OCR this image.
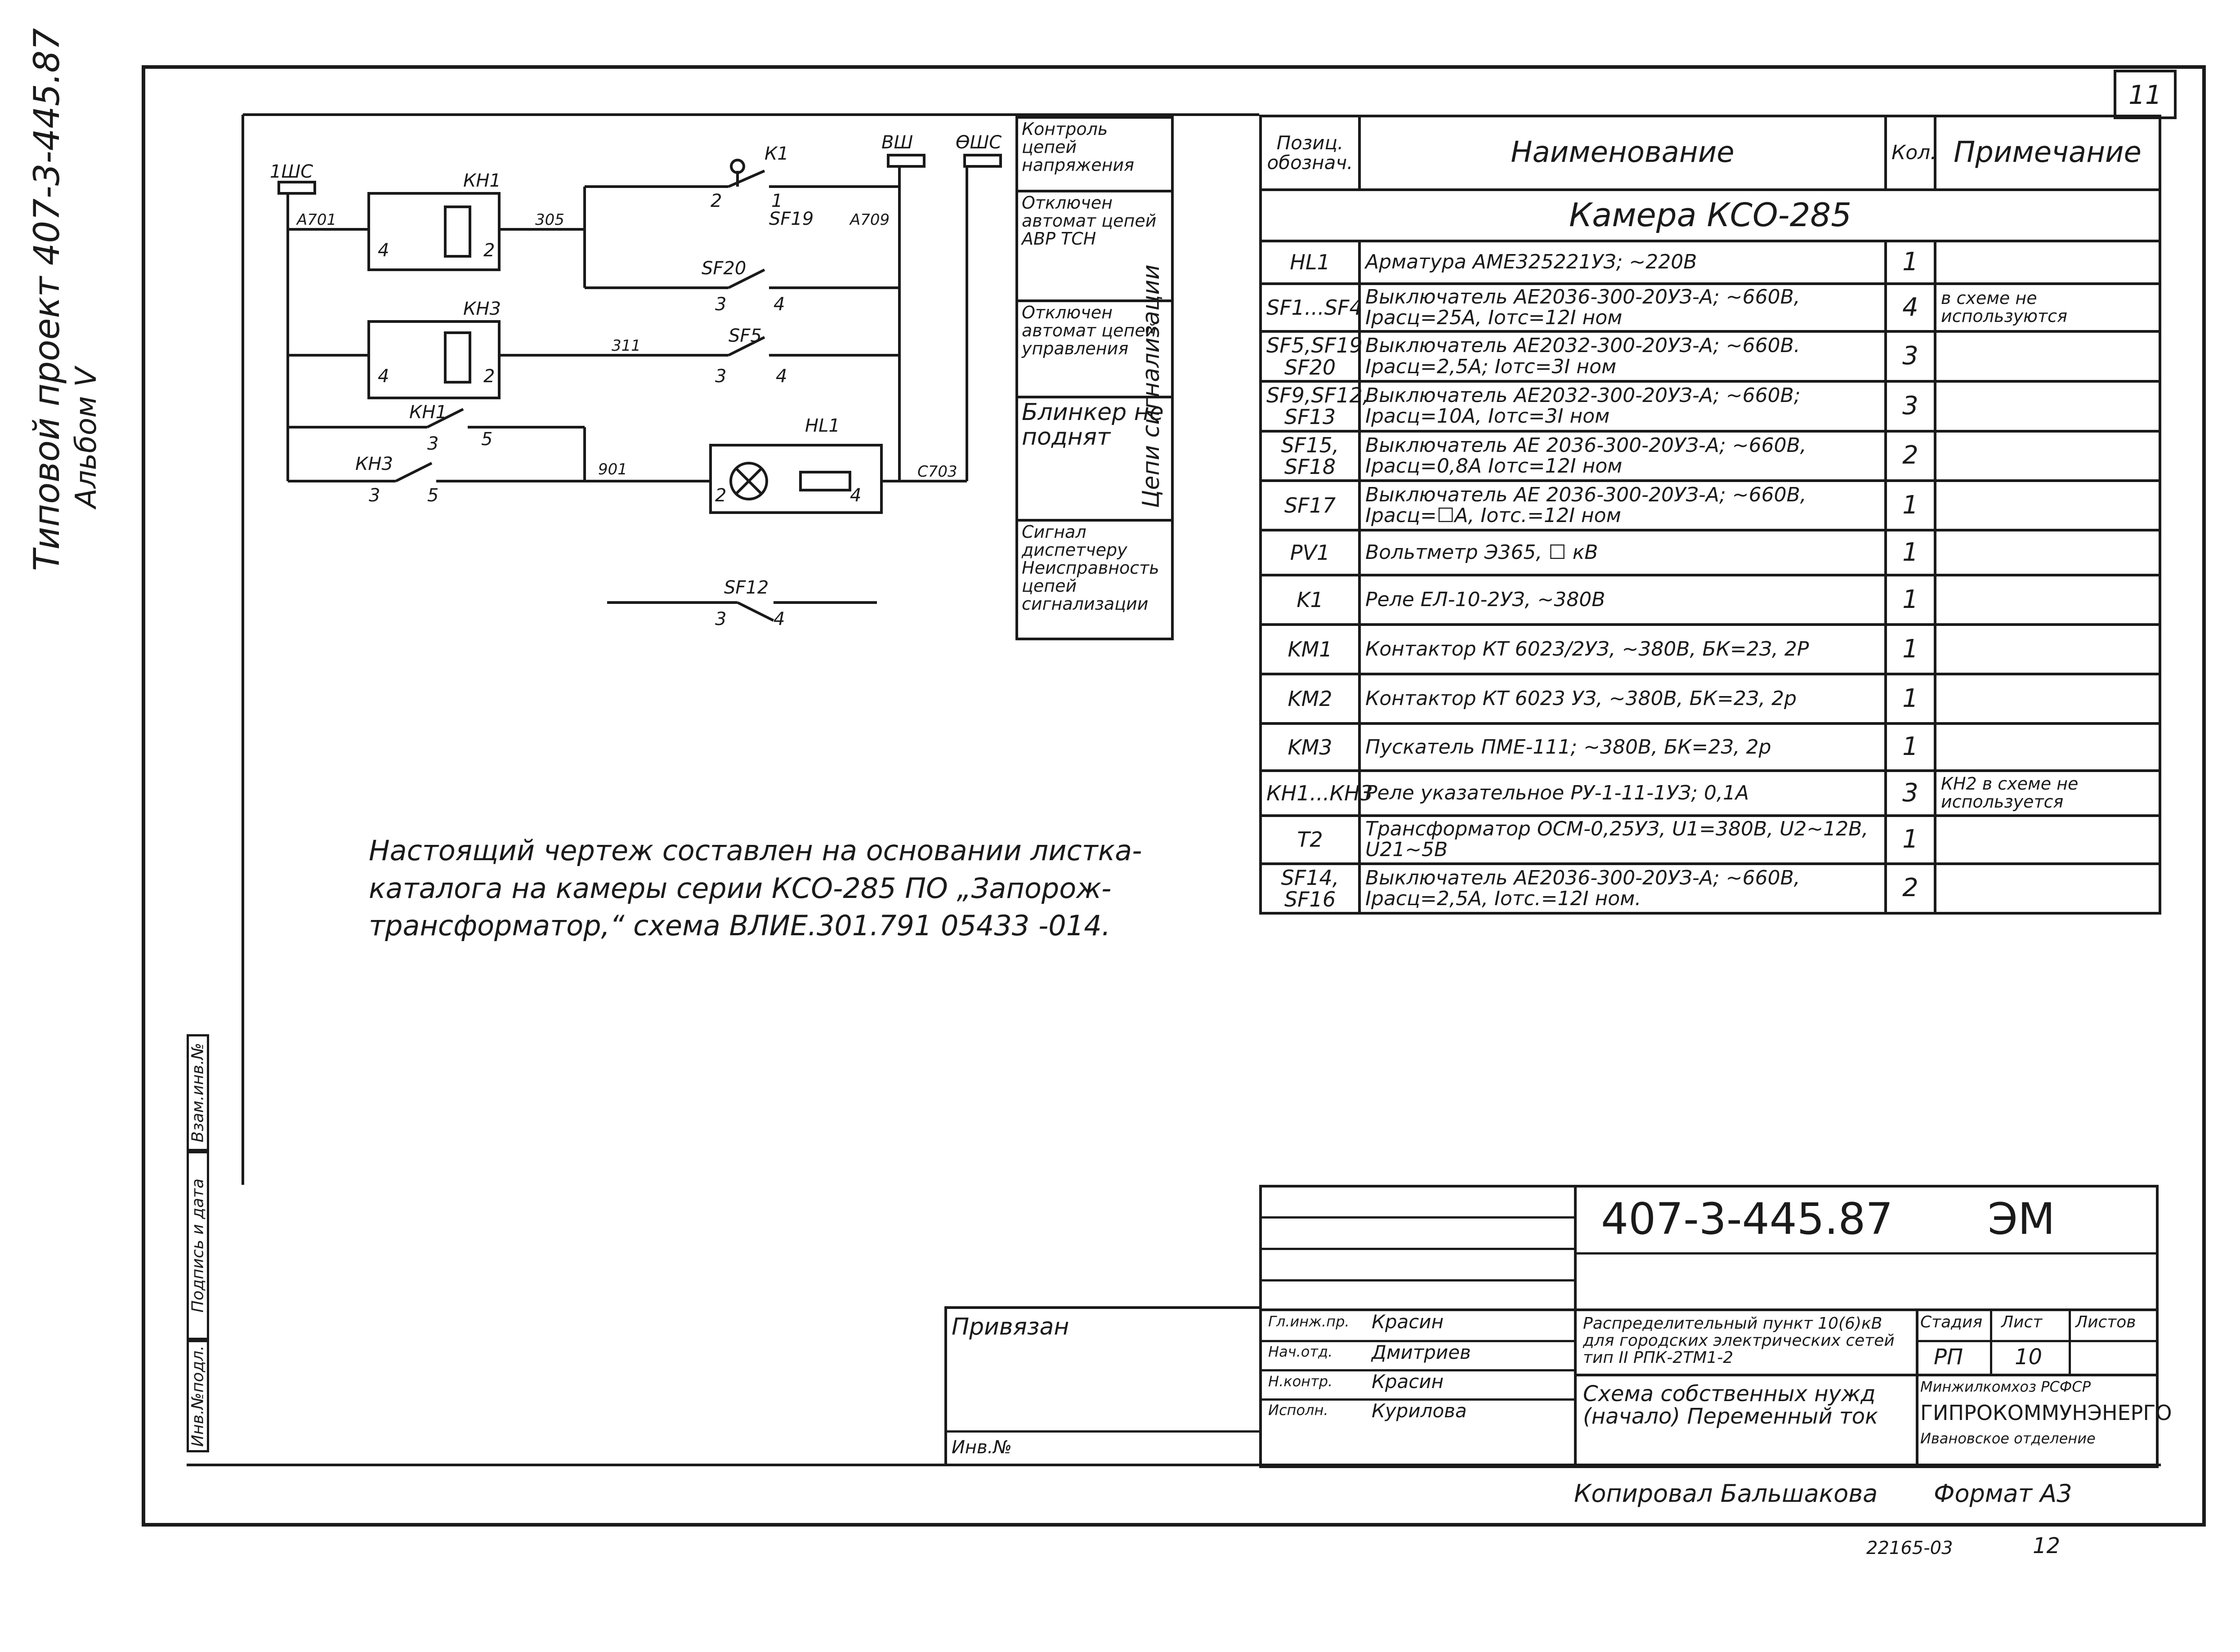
11
Типовой проект 407-3-445.87 Альбом V
Взам.инв.№
Подпись и дата
Инв.№подл.
1ШС
ВШ ӨШС
КН1
КН3
К1
SF19
SF20
SF5
HL1
SF12
КН1
КН3
А701	305	А709
311
901	С703
4	2
4	2
2	1
3	4
3	4
3 5
3	5	2	4
3	4
Контроль цепей напряжения
Отключен автомат цепей АВР ТСН
Отключен автомат цепей управления
Блинкер не поднят
Сигнал диспетчеру Неисправность цепей сигнализации
Цепи сигнализации
Настоящий чертеж составлен на основании листка-
каталога на камеры серии КСО-285 ПО „Запорож-
трансформатор,“ схема ВЛИЕ.301.791 05433 -014.
Позиц. обознач.	Наименование	Кол.	Примечание
Камера КСО-285			
HL1	Арматура АМЕ325221УЗ; ~220В	1	
SF1...SF4	Выключатель АЕ2036-300-20УЗ-А; ~660В, Iрасц=25А, Iотс=12I ном	4	в схеме не используются
SF5,SF19 SF20	Выключатель АЕ2032-300-20УЗ-А; ~660В. Iрасц=2,5А; Iотс=3I ном	3	
SF9,SF12, SF13	Выключатель АЕ2032-300-20УЗ-А; ~660В; Iрасц=10А, Iотс=3I ном	3	
SF15, SF18	Выключатель АЕ 2036-300-20УЗ-А; ~660В, Iрасц=0,8А Iотс=12I ном	2	
SF17	Выключатель АЕ 2036-300-20УЗ-А; ~660В, Iрасц=☐А, Iотс.=12I ном	1	
PV1	Вольтметр Э365, ☐ кВ	1	
K1	Реле ЕЛ-10-2УЗ, ~380В	1	
KM1	Контактор КТ 6023/2УЗ, ~380В, БК=2З, 2Р	1	
KM2	Контактор КТ 6023 УЗ, ~380В, БК=2З, 2р	1	
KM3	Пускатель ПМЕ-111; ~380В, БК=2З, 2р	1	
КН1...КН3	Реле указательное РУ-1-11-1УЗ; 0,1А	3	КН2 в схеме не используется
T2	Трансформатор ОСМ-0,25УЗ, U1=380В, U2~12В, U21~5В	1	
SF14, SF16	Выключатель АЕ2036-300-20УЗ-А; ~660В, Iрасц=2,5А, Iотс.=12I ном.	2	
407-3-445.87 ЭМ
Распределительный пункт 10(6)кВ для городских электрических сетей тип II РПК-2ТМ1-2
Схема собственных нужд (начало) Переменный ток
Стадия Лист Листов
РП 10
Минжилкомхоз РСФСР
ГИПРОКОММУНЭНЕРГО
Ивановское отделение
Гл.инж.пр. Красин
Нач.отд. Дмитриев
Н.контр. Красин
Исполн. Курилова
Привязан
Инв.№
Копировал Бальшакова Формат А3
22165-03	12
